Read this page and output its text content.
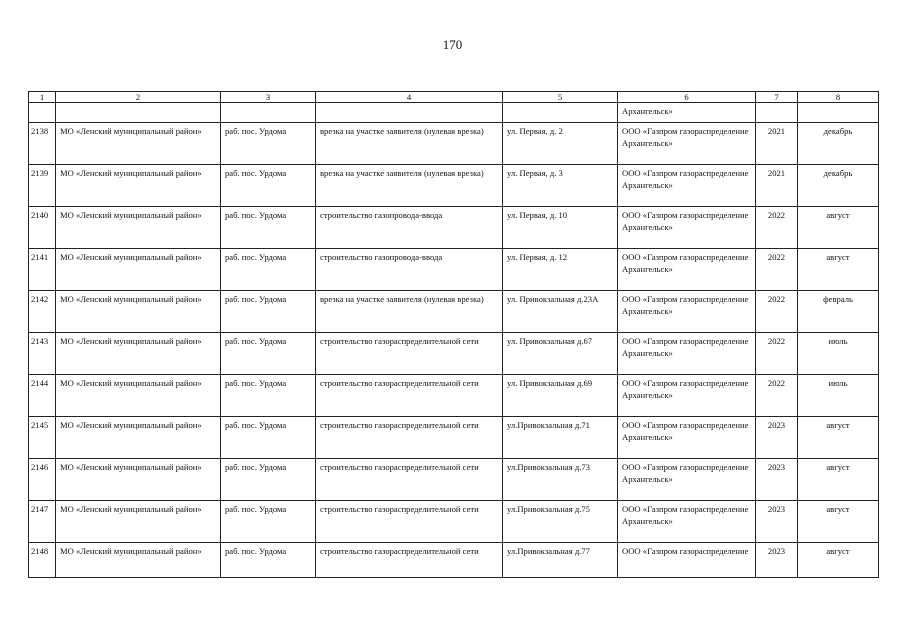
170
1	2	3	4	5	6	7	8
					Архангельск»		
2138	МО «Ленский муниципальный район»	раб. пос. Урдома	врезка на участке заявителя (нулевая врезка)	ул. Первая, д. 2	ООО «Газпром газораспределение Архангельск»	2021	декабрь
2139	МО «Ленский муниципальный район»	раб. пос. Урдома	врезка на участке заявителя (нулевая врезка)	ул. Первая, д. 3	ООО «Газпром газораспределение Архангельск»	2021	декабрь
2140	МО «Ленский муниципальный район»	раб. пос. Урдома	строительство газопровода-ввода	ул. Первая, д. 10	ООО «Газпром газораспределение Архангельск»	2022	август
2141	МО «Ленский муниципальный район»	раб. пос. Урдома	строительство газопровода-ввода	ул. Первая, д. 12	ООО «Газпром газораспределение Архангельск»	2022	август
2142	МО «Ленский муниципальный район»	раб. пос. Урдома	врезка на участке заявителя (нулевая врезка)	ул. Привокзальная д.23А	ООО «Газпром газораспределение Архангельск»	2022	февраль
2143	МО «Ленский муниципальный район»	раб. пос. Урдома	строительство газораспределительной сети	ул. Привокзальная д.67	ООО «Газпром газораспределение Архангельск»	2022	июль
2144	МО «Ленский муниципальный район»	раб. пос. Урдома	строительство газораспределительной сети	ул. Привокзальная д.69	ООО «Газпром газораспределение Архангельск»	2022	июль
2145	МО «Ленский муниципальный район»	раб. пос. Урдома	строительство газораспределительной сети	ул.Привокзальная д.71	ООО «Газпром газораспределение Архангельск»	2023	август
2146	МО «Ленский муниципальный район»	раб. пос. Урдома	строительство газораспределительной сети	ул.Привокзальная д.73	ООО «Газпром газораспределение Архангельск»	2023	август
2147	МО «Ленский муниципальный район»	раб. пос. Урдома	строительство газораспределительной сети	ул.Привокзальная д.75	ООО «Газпром газораспределение Архангельск»	2023	август
2148	МО «Ленский муниципальный район»	раб. пос. Урдома	строительство газораспределительной сети	ул.Привокзальная д.77	ООО «Газпром газораспределение	2023	август
